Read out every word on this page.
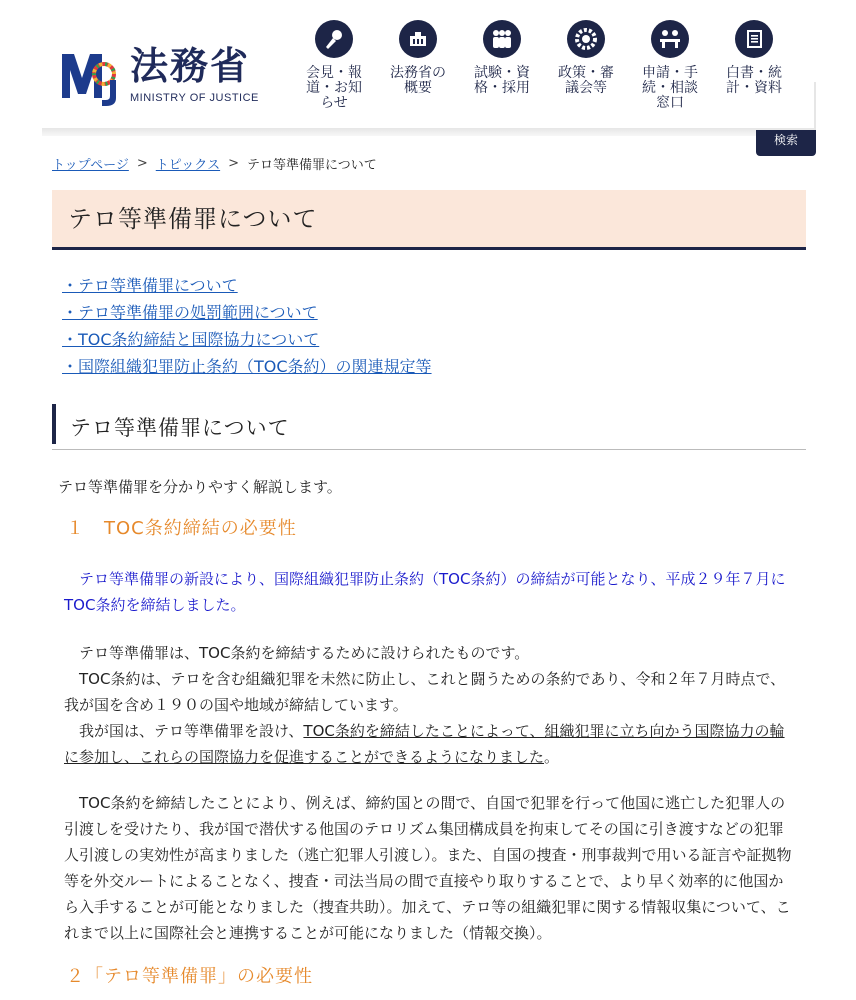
法務省
MINISTRY OF JUSTICE
会見・報道・お知らせ
法務省の概要
試験・資格・採用
政策・審議会等
申請・手続・相談窓口
白書・統計・資料
検索
トップページ > トピックス > テロ等準備罪について
テロ等準備罪について
・テロ等準備罪について
・テロ等準備罪の処罰範囲について
・TOC条約締結と国際協力について
・国際組織犯罪防止条約（TOC条約）の関連規定等
テロ等準備罪について
テロ等準備罪を分かりやすく解説します。
１　TOC条約締結の必要性

　テロ等準備罪の新設により、国際組織犯罪防止条約（TOC条約）の締結が可能となり、平成２９年７月にTOC条約を締結しました。

　テロ等準備罪は、TOC条約を締結するために設けられたものです。
　TOC条約は、テロを含む組織犯罪を未然に防止し、これと闘うための条約であり、令和２年７月時点で、我が国を含め１９０の国や地域が締結しています。
　我が国は、テロ等準備罪を設け、TOC条約を締結したことによって、組織犯罪に立ち向かう国際協力の輪に参加し、これらの国際協力を促進することができるようになりました。

　TOC条約を締結したことにより、例えば、締約国との間で、自国で犯罪を行って他国に逃亡した犯罪人の引渡しを受けたり、我が国で潜伏する他国のテロリズム集団構成員を拘束してその国に引き渡すなどの犯罪人引渡しの実効性が高まりました（逃亡犯罪人引渡し）。また、自国の捜査・刑事裁判で用いる証言や証拠物等を外交ルートによることなく、捜査・司法当局の間で直接やり取りすることで、より早く効率的に他国から入手することが可能となりました（捜査共助）。加えて、テロ等の組織犯罪に関する情報収集について、これまで以上に国際社会と連携することが可能になりました（情報交換）。

２「テロ等準備罪」の必要性
